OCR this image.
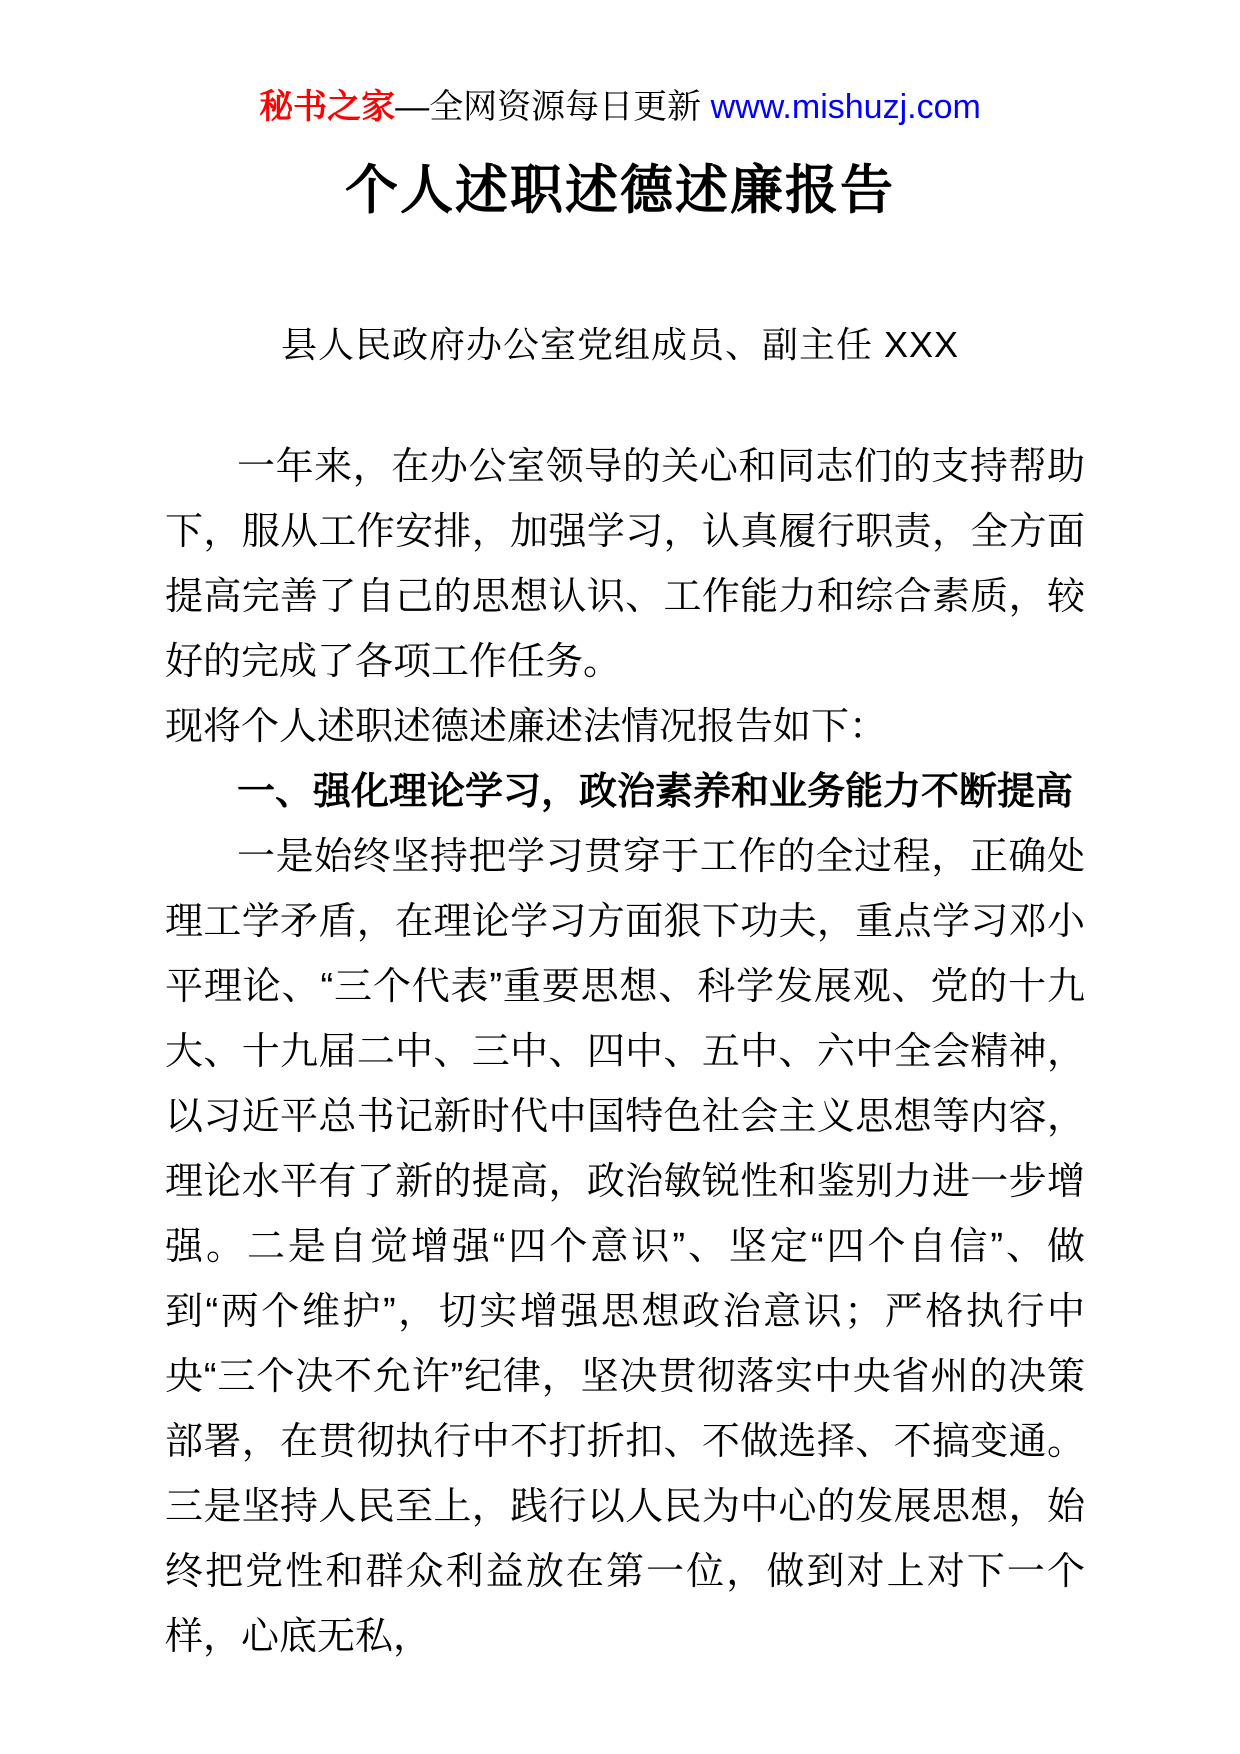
秘书之家—全网资源每日更新 www.mishuzj.com
个人述职述德述廉报告
县人民政府办公室党组成员、副主任 XXX

一年来，在办公室领导的关心和同志们的支持帮助下，服从工作安排，加强学习，认真履行职责，全方面提高完善了自己的思想认识、工作能力和综合素质，较好的完成了各项工作任务。

现将个人述职述德述廉述法情况报告如下：

一、强化理论学习，政治素养和业务能力不断提高

一是始终坚持把学习贯穿于工作的全过程，正确处理工学矛盾，在理论学习方面狠下功夫，重点学习邓小平理论、“三个代表”重要思想、科学发展观、党的十九大、十九届二中、三中、四中、五中、六中全会精神，以习近平总书记新时代中国特色社会主义思想等内容，理论水平有了新的提高，政治敏锐性和鉴别力进一步增强。二是自觉增强“四个意识”、坚定“四个自信”、做到“两个维护”，切实增强思想政治意识；严格执行中央“三个决不允许”纪律，坚决贯彻落实中央省州的决策部署，在贯彻执行中不打折扣、不做选择、不搞变通。三是坚持人民至上，践行以人民为中心的发展思想，始终把党性和群众利益放在第一位，做到对上对下一个样，心底无私，
